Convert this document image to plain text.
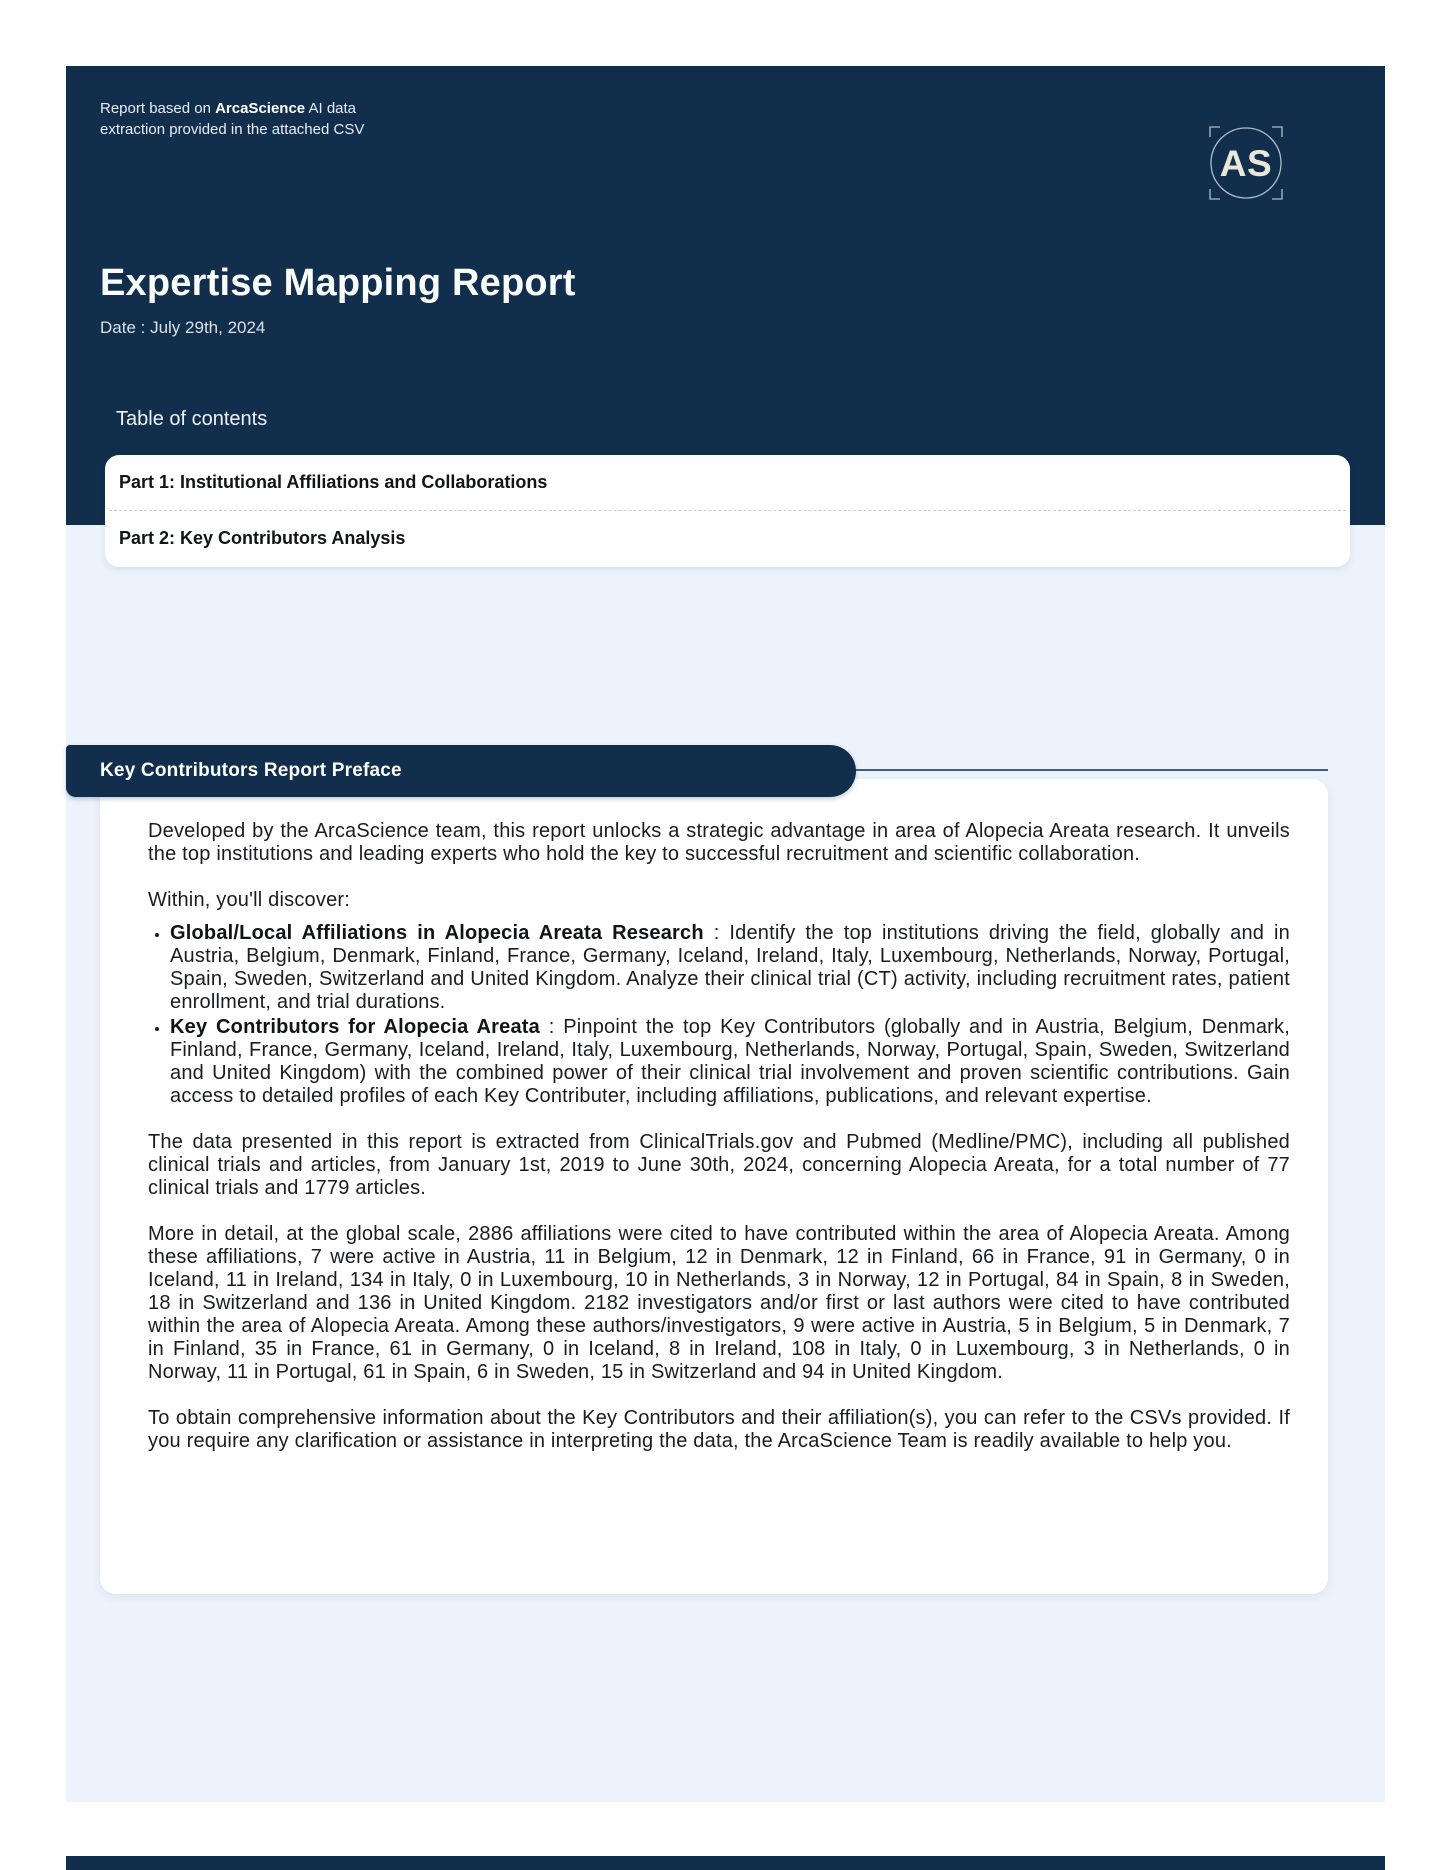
Report based on ArcaScience AI data extraction provided in the attached CSV
AS
Expertise Mapping Report
Date : July 29th, 2024
Table of contents
Part 1: Institutional Affiliations and Collaborations
Part 2: Key Contributors Analysis
Key Contributors Report Preface

Developed by the ArcaScience team, this report unlocks a strategic advantage in area of Alopecia Areata research. It unveils the top institutions and leading experts who hold the key to successful recruitment and scientific collaboration.

Within, you'll discover:

• Global/Local Affiliations in Alopecia Areata Research : Identify the top institutions driving the field, globally and in Austria, Belgium, Denmark, Finland, France, Germany, Iceland, Ireland, Italy, Luxembourg, Netherlands, Norway, Portugal, Spain, Sweden, Switzerland and United Kingdom. Analyze their clinical trial (CT) activity, including recruitment rates, patient enrollment, and trial durations.
• Key Contributors for Alopecia Areata : Pinpoint the top Key Contributors (globally and in Austria, Belgium, Denmark, Finland, France, Germany, Iceland, Ireland, Italy, Luxembourg, Netherlands, Norway, Portugal, Spain, Sweden, Switzerland and United Kingdom) with the combined power of their clinical trial involvement and proven scientific contributions. Gain access to detailed profiles of each Key Contributer, including affiliations, publications, and relevant expertise.

The data presented in this report is extracted from ClinicalTrials.gov and Pubmed (Medline/PMC), including all published clinical trials and articles, from January 1st, 2019 to June 30th, 2024, concerning Alopecia Areata, for a total number of 77 clinical trials and 1779 articles.

More in detail, at the global scale, 2886 affiliations were cited to have contributed within the area of Alopecia Areata. Among these affiliations, 7 were active in Austria, 11 in Belgium, 12 in Denmark, 12 in Finland, 66 in France, 91 in Germany, 0 in Iceland, 11 in Ireland, 134 in Italy, 0 in Luxembourg, 10 in Netherlands, 3 in Norway, 12 in Portugal, 84 in Spain, 8 in Sweden, 18 in Switzerland and 136 in United Kingdom. 2182 investigators and/or first or last authors were cited to have contributed within the area of Alopecia Areata. Among these authors/investigators, 9 were active in Austria, 5 in Belgium, 5 in Denmark, 7 in Finland, 35 in France, 61 in Germany, 0 in Iceland, 8 in Ireland, 108 in Italy, 0 in Luxembourg, 3 in Netherlands, 0 in Norway, 11 in Portugal, 61 in Spain, 6 in Sweden, 15 in Switzerland and 94 in United Kingdom.

To obtain comprehensive information about the Key Contributors and their affiliation(s), you can refer to the CSVs provided. If you require any clarification or assistance in interpreting the data, the ArcaScience Team is readily available to help you.
